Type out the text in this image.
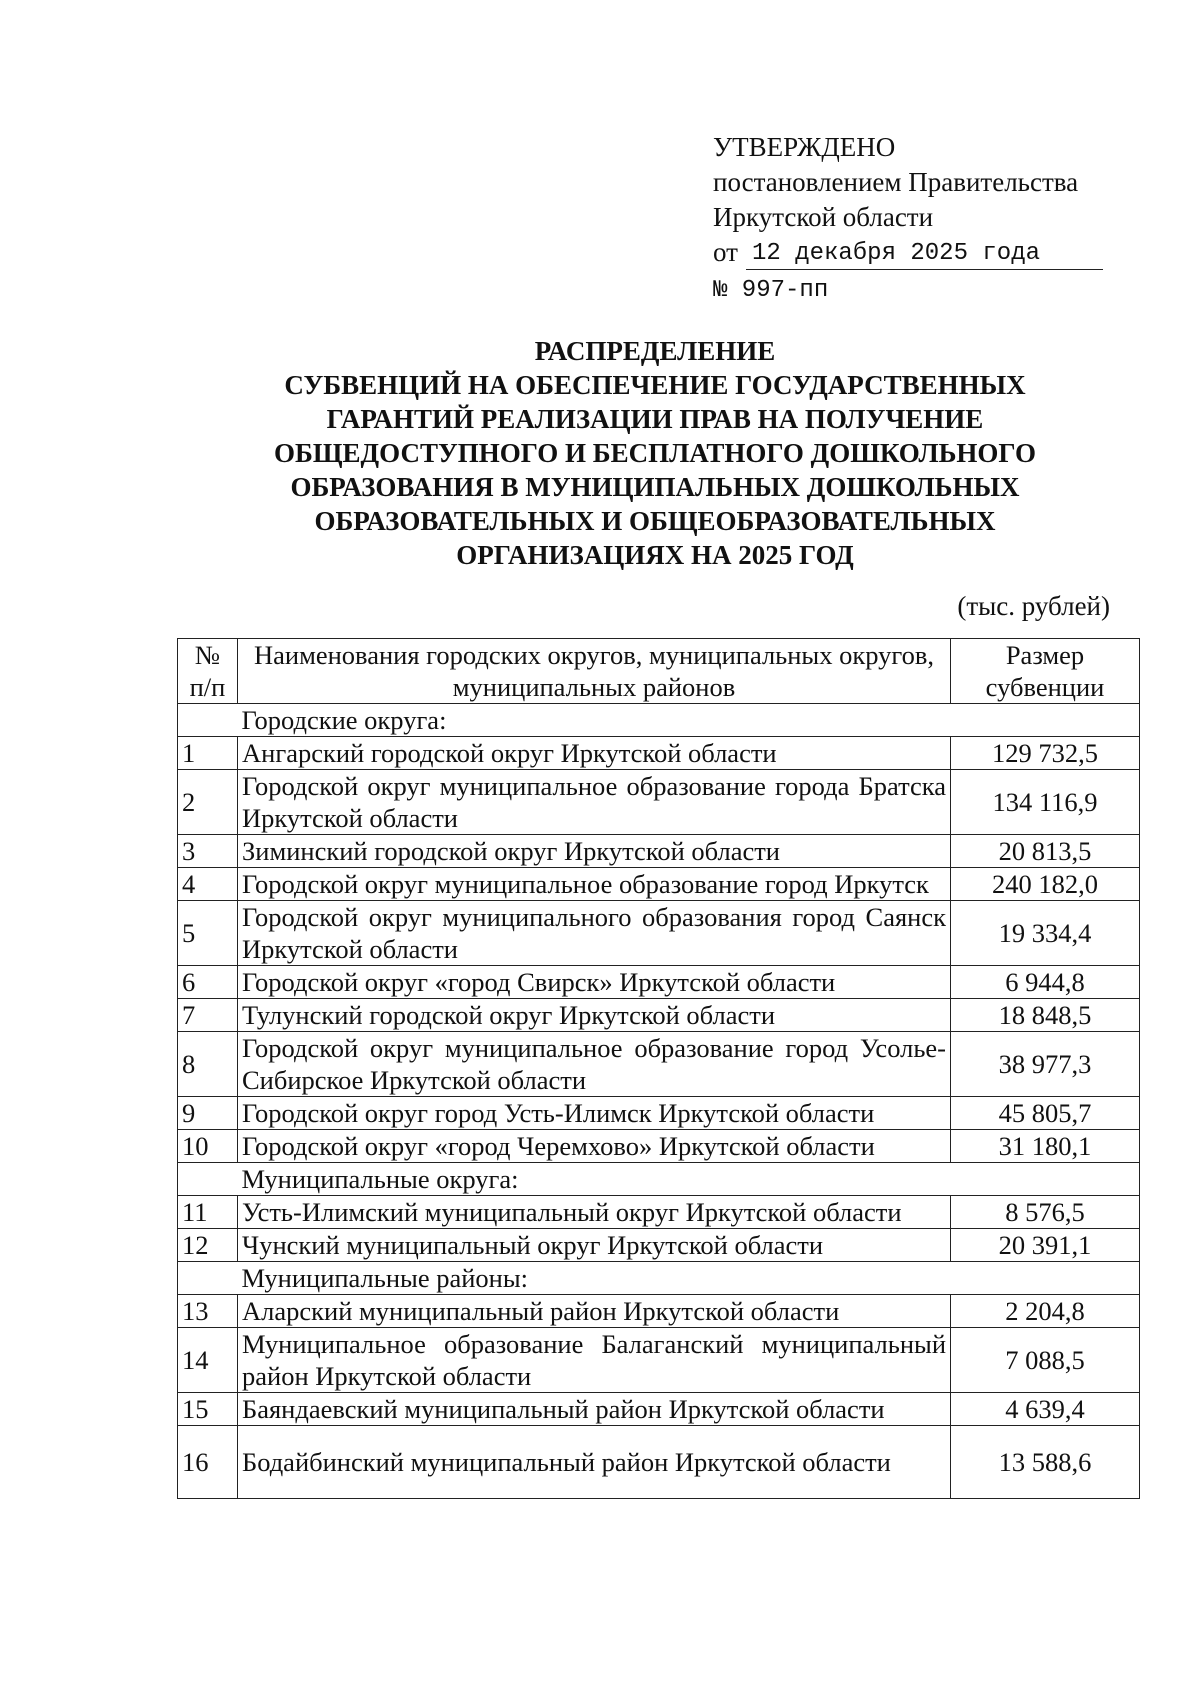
УТВЕРЖДЕНО
постановлением Правительства
Иркутской области
от 12 декабря 2025 года
№ 997-пп
РАСПРЕДЕЛЕНИЕ
СУБВЕНЦИЙ НА ОБЕСПЕЧЕНИЕ ГОСУДАРСТВЕННЫХ
ГАРАНТИЙ РЕАЛИЗАЦИИ ПРАВ НА ПОЛУЧЕНИЕ
ОБЩЕДОСТУПНОГО И БЕСПЛАТНОГО ДОШКОЛЬНОГО
ОБРАЗОВАНИЯ В МУНИЦИПАЛЬНЫХ ДОШКОЛЬНЫХ
ОБРАЗОВАТЕЛЬНЫХ И ОБЩЕОБРАЗОВАТЕЛЬНЫХ
ОРГАНИЗАЦИЯХ НА 2025 ГОД
(тыс. рублей)
№ п/п	Наименования городских округов, муниципальных округов, муниципальных районов	Размер субвенции
	Городские округа:	
1	Ангарский городской округ Иркутской области	129 732,5
2	Городской округ муниципальное образование города Братска Иркутской области	134 116,9
3	Зиминский городской округ Иркутской области	20 813,5
4	Городской округ муниципальное образование город Иркутск	240 182,0
5	Городской округ муниципального образования город Саянск Иркутской области	19 334,4
6	Городской округ «город Свирск» Иркутской области	6 944,8
7	Тулунский городской округ Иркутской области	18 848,5
8	Городской округ муниципальное образование город Усолье-Сибирское Иркутской области	38 977,3
9	Городской округ город Усть-Илимск Иркутской области	45 805,7
10	Городской округ «город Черемхово» Иркутской области	31 180,1
	Муниципальные округа:	
11	Усть-Илимский муниципальный округ Иркутской области	8 576,5
12	Чунский муниципальный округ Иркутской области	20 391,1
	Муниципальные районы:	
13	Аларский муниципальный район Иркутской области	2 204,8
14	Муниципальное образование Балаганский муниципальный район Иркутской области	7 088,5
15	Баяндаевский муниципальный район Иркутской области	4 639,4
16	Бодайбинский муниципальный район Иркутской области	13 588,6
